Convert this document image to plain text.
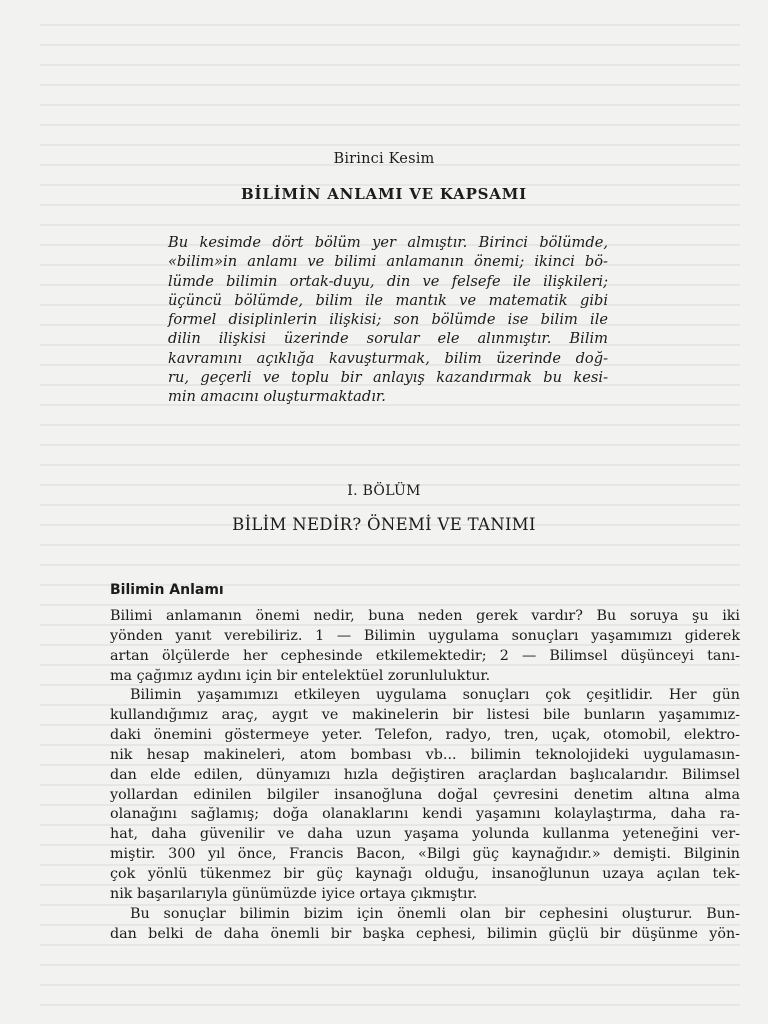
Birinci Kesim
BİLİMİN ANLAMI VE KAPSAMI
Bu kesimde dört bölüm yer almıştır. Birinci bölümde,
«bilim»in anlamı ve bilimi anlamanın önemi; ikinci bö-
lümde bilimin ortak-duyu, din ve felsefe ile ilişkileri;
üçüncü bölümde, bilim ile mantık ve matematik gibi
formel disiplinlerin ilişkisi; son bölümde ise bilim ile
dilin ilişkisi üzerinde sorular ele alınmıştır. Bilim
kavramını açıklığa kavuşturmak, bilim üzerinde doğ-
ru, geçerli ve toplu bir anlayış kazandırmak bu kesi-
min amacını oluşturmaktadır.
I. BÖLÜM
BİLİM NEDİR? ÖNEMİ VE TANIMI
Bilimin Anlamı
Bilimi anlamanın önemi nedir, buna neden gerek vardır? Bu soruya şu iki
yönden yanıt verebiliriz. 1 — Bilimin uygulama sonuçları yaşamımızı giderek
artan ölçülerde her cephesinde etkilemektedir; 2 — Bilimsel düşünceyi tanı-
ma çağımız aydını için bir entelektüel zorunluluktur.
Bilimin yaşamımızı etkileyen uygulama sonuçları çok çeşitlidir. Her gün
kullandığımız araç, aygıt ve makinelerin bir listesi bile bunların yaşamımız-
daki önemini göstermeye yeter. Telefon, radyo, tren, uçak, otomobil, elektro-
nik hesap makineleri, atom bombası vb... bilimin teknolojideki uygulamasın-
dan elde edilen, dünyamızı hızla değiştiren araçlardan başlıcalarıdır. Bilimsel
yollardan edinilen bilgiler insanoğluna doğal çevresini denetim altına alma
olanağını sağlamış; doğa olanaklarını kendi yaşamını kolaylaştırma, daha ra-
hat, daha güvenilir ve daha uzun yaşama yolunda kullanma yeteneğini ver-
miştir. 300 yıl önce, Francis Bacon, «Bilgi güç kaynağıdır.» demişti. Bilginin
çok yönlü tükenmez bir güç kaynağı olduğu, insanoğlunun uzaya açılan tek-
nik başarılarıyla günümüzde iyice ortaya çıkmıştır.
Bu sonuçlar bilimin bizim için önemli olan bir cephesini oluşturur. Bun-
dan belki de daha önemli bir başka cephesi, bilimin güçlü bir düşünme yön-
